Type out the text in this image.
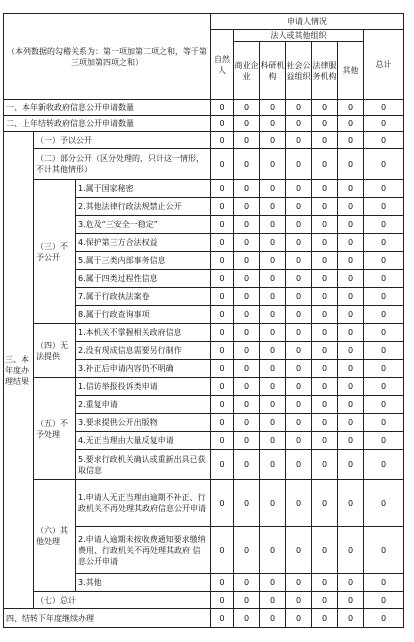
（本列数据的勾稽关系为：第一项加第二项之和，等于第三项加第四项之和）			申请人情况						
			自然人	法人或其他组织					总计
				商业企业	科研机构	社会公益组织	法律服务机构	其他	
一、本年新收政府信息公开申请数量			0	0	0	0	0	0	0
二、上年结转政府信息公开申请数量			0	0	0	0	0	0	0
三、本年度办理结果	（一）予以公开		0	0	0	0	0	0	0
	（二）部分公开（区分处理的，只计这一情形，不计其他情形）		0	0	0	0	0	0	0
	（三）不予公开	1.属于国家秘密	0	0	0	0	0	0	0
		2.其他法律行政法规禁止公开	0	0	0	0	0	0	0
		3.危及“三安全一稳定”	0	0	0	0	0	0	0
		4.保护第三方合法权益	0	0	0	0	0	0	0
		5.属于三类内部事务信息	0	0	0	0	0	0	0
		6.属于四类过程性信息	0	0	0	0	0	0	0
		7.属于行政执法案卷	0	0	0	0	0	0	0
		8.属于行政查询事项	0	0	0	0	0	0	0
	（四）无法提供	1.本机关不掌握相关政府信息	0	0	0	0	0	0	0
		2.没有现成信息需要另行制作	0	0	0	0	0	0	0
		3.补正后申请内容仍不明确	0	0	0	0	0	0	0
	（五）不予处理	1.信访举报投诉类申请	0	0	0	0	0	0	0
		2.重复申请	0	0	0	0	0	0	0
		3.要求提供公开出版物	0	0	0	0	0	0	0
		4.无正当理由大量反复申请	0	0	0	0	0	0	0
		5.要求行政机关确认或重新出具已获取信息	0	0	0	0	0	0	0
	（六）其他处理	1.申请人无正当理由逾期不补正、行政机关不再处理其政府信息公开申请	0	0	0	0	0	0	0
		2.申请人逾期未按收费通知要求缴纳费用、行政机关不再处理其政府 信息公开申请	0	0	0	0	0	0	0
		3.其他	0	0	0	0	0	0	0
	（七）总计		0	0	0	0	0	0	0
四、结转下年度继续办理			0	0	0	0	0	0	0
